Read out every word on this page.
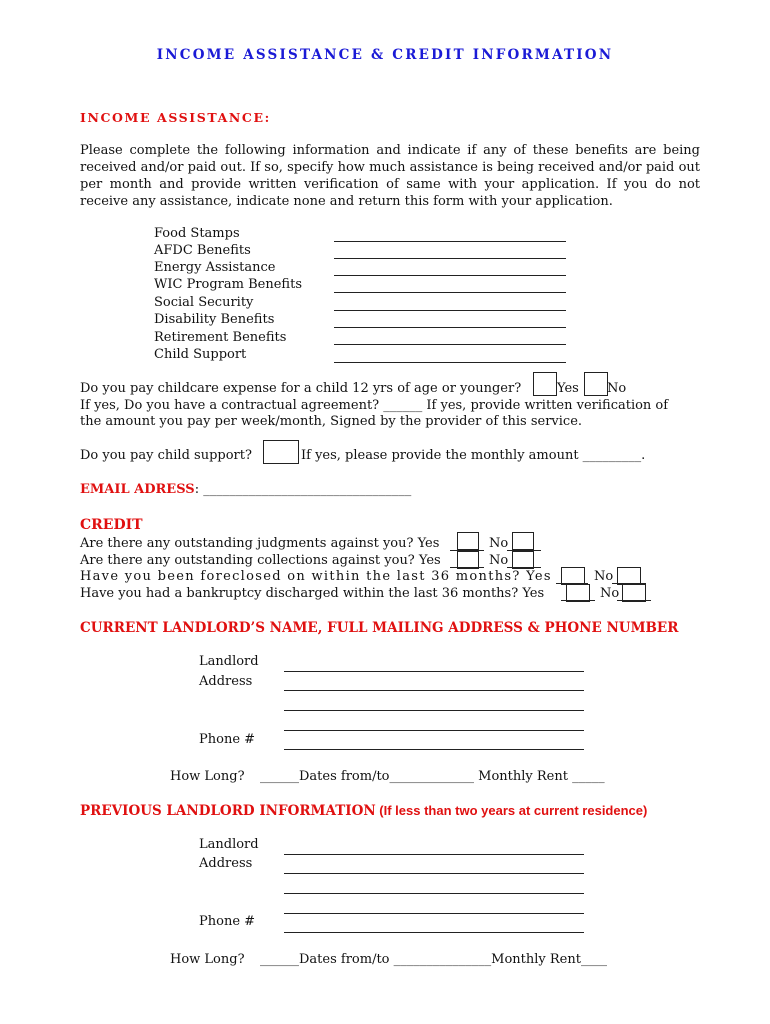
INCOME ASSISTANCE & CREDIT INFORMATION
INCOME ASSISTANCE:
Please complete the following information and indicate if any of these benefits are being received and/or paid out. If so, specify how much assistance is being received and/or paid out per month and provide written verification of same with your application. If you do not receive any assistance, indicate none and return this form with your application.
Food Stamps
AFDC Benefits
Energy Assistance
WIC Program Benefits
Social Security
Disability Benefits
Retirement Benefits
Child Support
Do you pay childcare expense for a child 12 yrs of age or younger?	Yes No
If yes, Do you have a contractual agreement? ______ If yes, provide written verification of
the amount you pay per week/month, Signed by the provider of this service.
Do you pay child support?	If yes, please provide the monthly amount _________.
EMAIL ADRESS: ________________________________
CREDIT
Are there any outstanding judgments against you? Yes	No
Are there any outstanding collections against you? Yes	No
Have you been foreclosed on within the last 36 months? Yes	No
Have you had a bankruptcy discharged within the last 36 months? Yes	No
CURRENT LANDLORD’S NAME, FULL MAILING ADDRESS & PHONE NUMBER
Landlord
Address
Phone #
How Long? ______Dates from/to_____________ Monthly Rent _____
PREVIOUS LANDLORD INFORMATION (If less than two years at current residence)
Landlord
Address
Phone #
How Long? ______Dates from/to _______________Monthly Rent____
